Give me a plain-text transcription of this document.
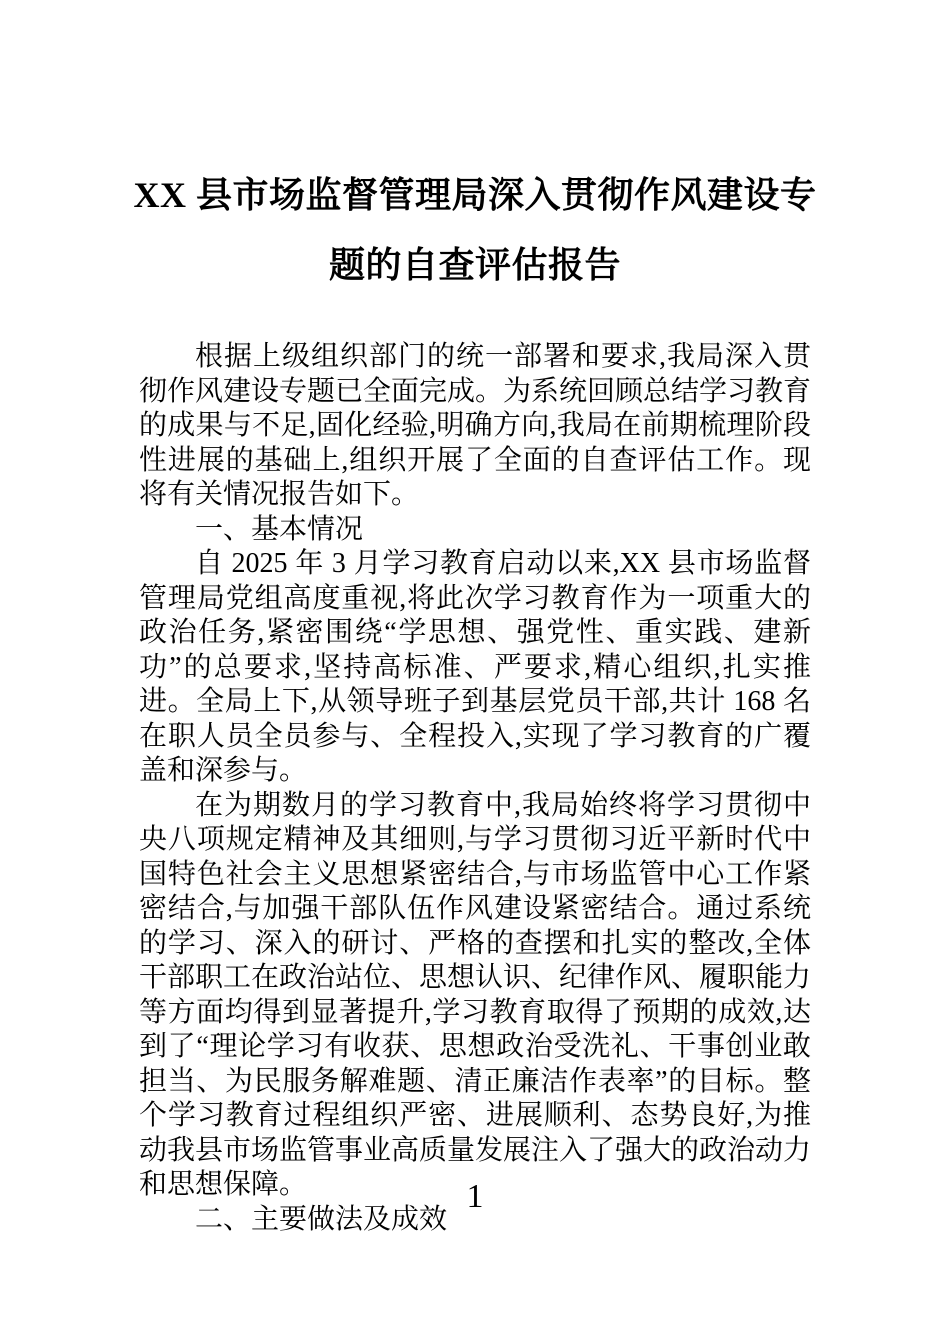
XX 县市场监督管理局深入贯彻作风建设专
题的自查评估报告

根据上级组织部门的统一部署和要求,我局深入贯彻作风建设专题已全面完成。为系统回顾总结学习教育的成果与不足,固化经验,明确方向,我局在前期梳理阶段性进展的基础上,组织开展了全面的自查评估工作。现将有关情况报告如下。

一、基本情况

自 2025 年 3 月学习教育启动以来,XX 县市场监督管理局党组高度重视,将此次学习教育作为一项重大的政治任务,紧密围绕“学思想、强党性、重实践、建新功”的总要求,坚持高标准、严要求,精心组织,扎实推进。全局上下,从领导班子到基层党员干部,共计 168 名在职人员全员参与、全程投入,实现了学习教育的广覆盖和深参与。

在为期数月的学习教育中,我局始终将学习贯彻中央八项规定精神及其细则,与学习贯彻习近平新时代中国特色社会主义思想紧密结合,与市场监管中心工作紧密结合,与加强干部队伍作风建设紧密结合。通过系统的学习、深入的研讨、严格的查摆和扎实的整改,全体干部职工在政治站位、思想认识、纪律作风、履职能力等方面均得到显著提升,学习教育取得了预期的成效,达到了“理论学习有收获、思想政治受洗礼、干事创业敢担当、为民服务解难题、清正廉洁作表率”的目标。整个学习教育过程组织严密、进展顺利、态势良好,为推动我县市场监管事业高质量发展注入了强大的政治动力和思想保障。

二、主要做法及成效

1
